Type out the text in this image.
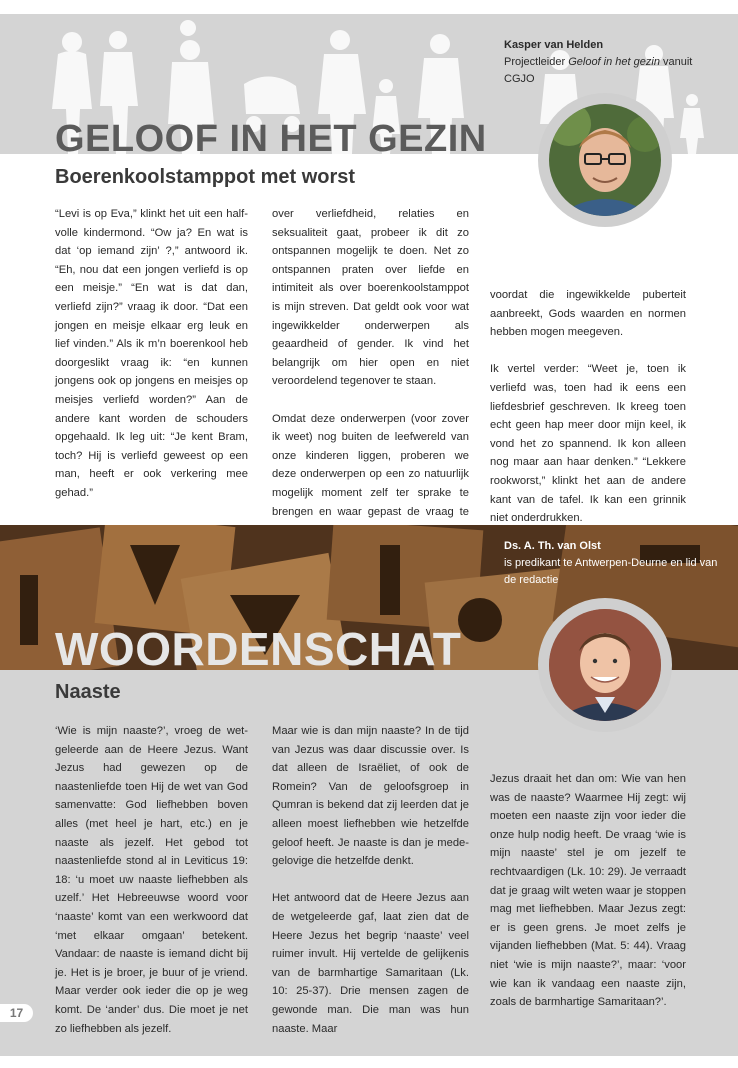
GELOOF IN HET GEZIN
Boerenkoolstamppot met worst
Kasper van Helden
Projectleider Geloof in het gezin vanuit CGJO

“Levi is op Eva,” klinkt het uit een half-volle kindermond. “Ow ja? En wat is dat ‘op iemand zijn’ ?,” antwoord ik. “Eh, nou dat een jongen verliefd is op een meisje.” “En wat is dat dan, verliefd zijn?” vraag ik door. “Dat een jongen en meisje elkaar erg leuk en lief vinden.” Als ik m’n boerenkool heb doorgeslikt vraag ik: “en kunnen jongens ook op jongens en meisjes op meisjes verliefd worden?” Aan de andere kant worden de schouders opgehaald. Ik leg uit: “Je kent Bram, toch? Hij is verliefd geweest op een man, heeft er ook verkering mee gehad.”

over verliefdheid, relaties en seksualiteit gaat, probeer ik dit zo ontspannen mogelijk te doen. Net zo ontspannen praten over liefde en intimiteit als over boerenkoolstamppot is mijn streven. Dat geldt ook voor wat ingewikkelder onderwerpen als geaardheid of gender. Ik vind het belangrijk om hier open en niet veroordelend tegenover te staan.

Omdat deze onderwerpen (voor zover ik weet) nog buiten de leefwereld van onze kinderen liggen, proberen we deze onderwerpen op een zo natuurlijk mogelijk moment zelf ter sprake te brengen en waar gepast de vraag te

voordat die ingewikkelde puberteit aanbreekt, Gods waarden en normen hebben mogen meegeven.

Ik vertel verder: “Weet je, toen ik verliefd was, toen had ik eens een liefdesbrief geschreven. Ik kreeg toen echt geen hap meer door mijn keel, ik vond het zo spannend. Ik kon alleen nog maar aan haar denken.” “Lekkere rookworst,” klinkt het aan de andere kant van de tafel. Ik kan een grinnik niet onderdrukken.

WOORDENSCHAT
Naaste
Ds. A. Th. van Olst
is predikant te Antwerpen-Deurne en lid van de redactie

‘Wie is mijn naaste?’, vroeg de wet-geleerde aan de Heere Jezus. Want Jezus had gewezen op de naastenliefde toen Hij de wet van God samenvatte: God liefhebben boven alles (met heel je hart, etc.) en je naaste als jezelf. Het gebod tot naastenliefde stond al in Leviticus 19: 18: ‘u moet uw naaste liefhebben als uzelf.’ Het Hebreeuwse woord voor ‘naaste’ komt van een werkwoord dat ‘met elkaar omgaan’ betekent. Vandaar: de naaste is iemand dicht bij je. Het is je broer, je buur of je vriend. Maar verder ook ieder die op je weg komt. De ‘ander’ dus. Die moet je net zo liefhebben als jezelf.

Maar wie is dan mijn naaste? In de tijd van Jezus was daar discussie over. Is dat alleen de Israëliet, of ook de Romein? Van de geloofsgroep in Qumran is bekend dat zij leerden dat je alleen moest liefhebben wie hetzelfde geloof heeft. Je naaste is dan je mede-gelovige die hetzelfde denkt.

Het antwoord dat de Heere Jezus aan de wetgeleerde gaf, laat zien dat de Heere Jezus het begrip ‘naaste’ veel ruimer invult. Hij vertelde de gelijkenis van de barmhartige Samaritaan (Lk. 10: 25-37). Drie mensen zagen de gewonde man. Die man was hun naaste. Maar

Jezus draait het dan om: Wie van hen was de naaste? Waarmee Hij zegt: wij moeten een naaste zijn voor ieder die onze hulp nodig heeft. De vraag ‘wie is mijn naaste’ stel je om jezelf te rechtvaardigen (Lk. 10: 29). Je verraadt dat je graag wilt weten waar je stoppen mag met liefhebben. Maar Jezus zegt: er is geen grens. Je moet zelfs je vijanden liefhebben (Mat. 5: 44). Vraag niet ‘wie is mijn naaste?’, maar: ‘voor wie kan ik vandaag een naaste zijn, zoals de barmhartige Samaritaan?’.

17
